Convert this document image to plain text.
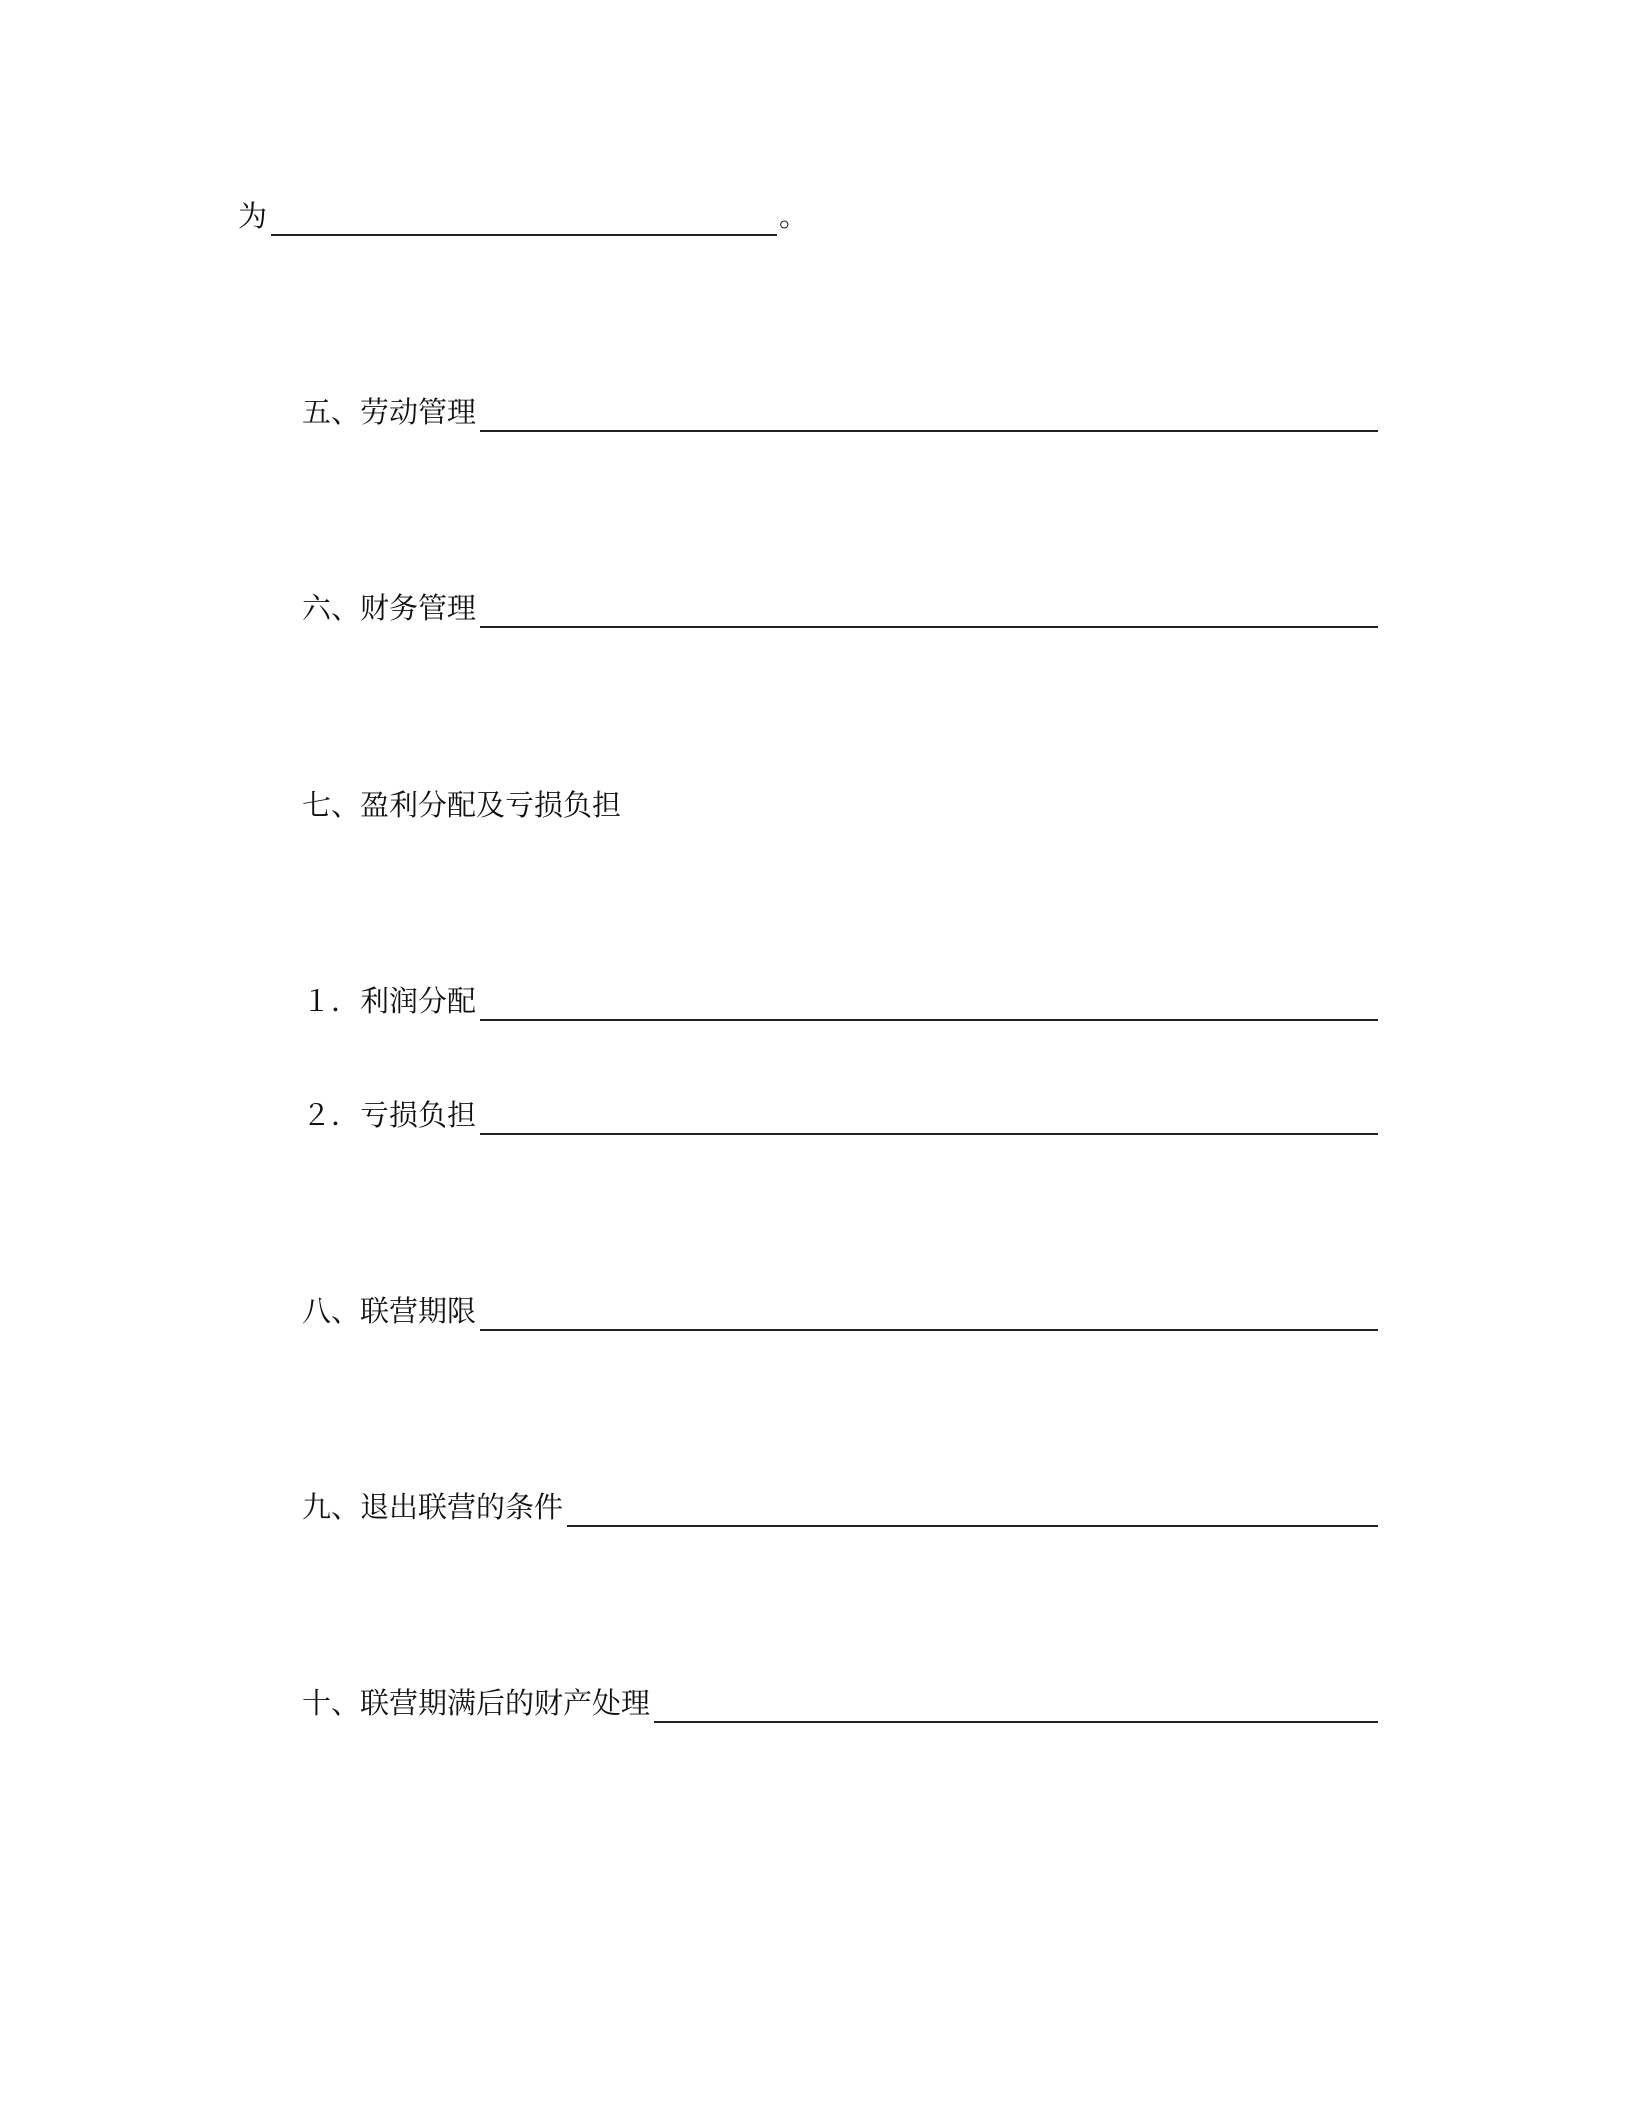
为	。
五、劳动管理
六、财务管理
七、盈利分配及亏损负担
１．利润分配
２．亏损负担
八、联营期限
九、退出联营的条件
十、联营期满后的财产处理
